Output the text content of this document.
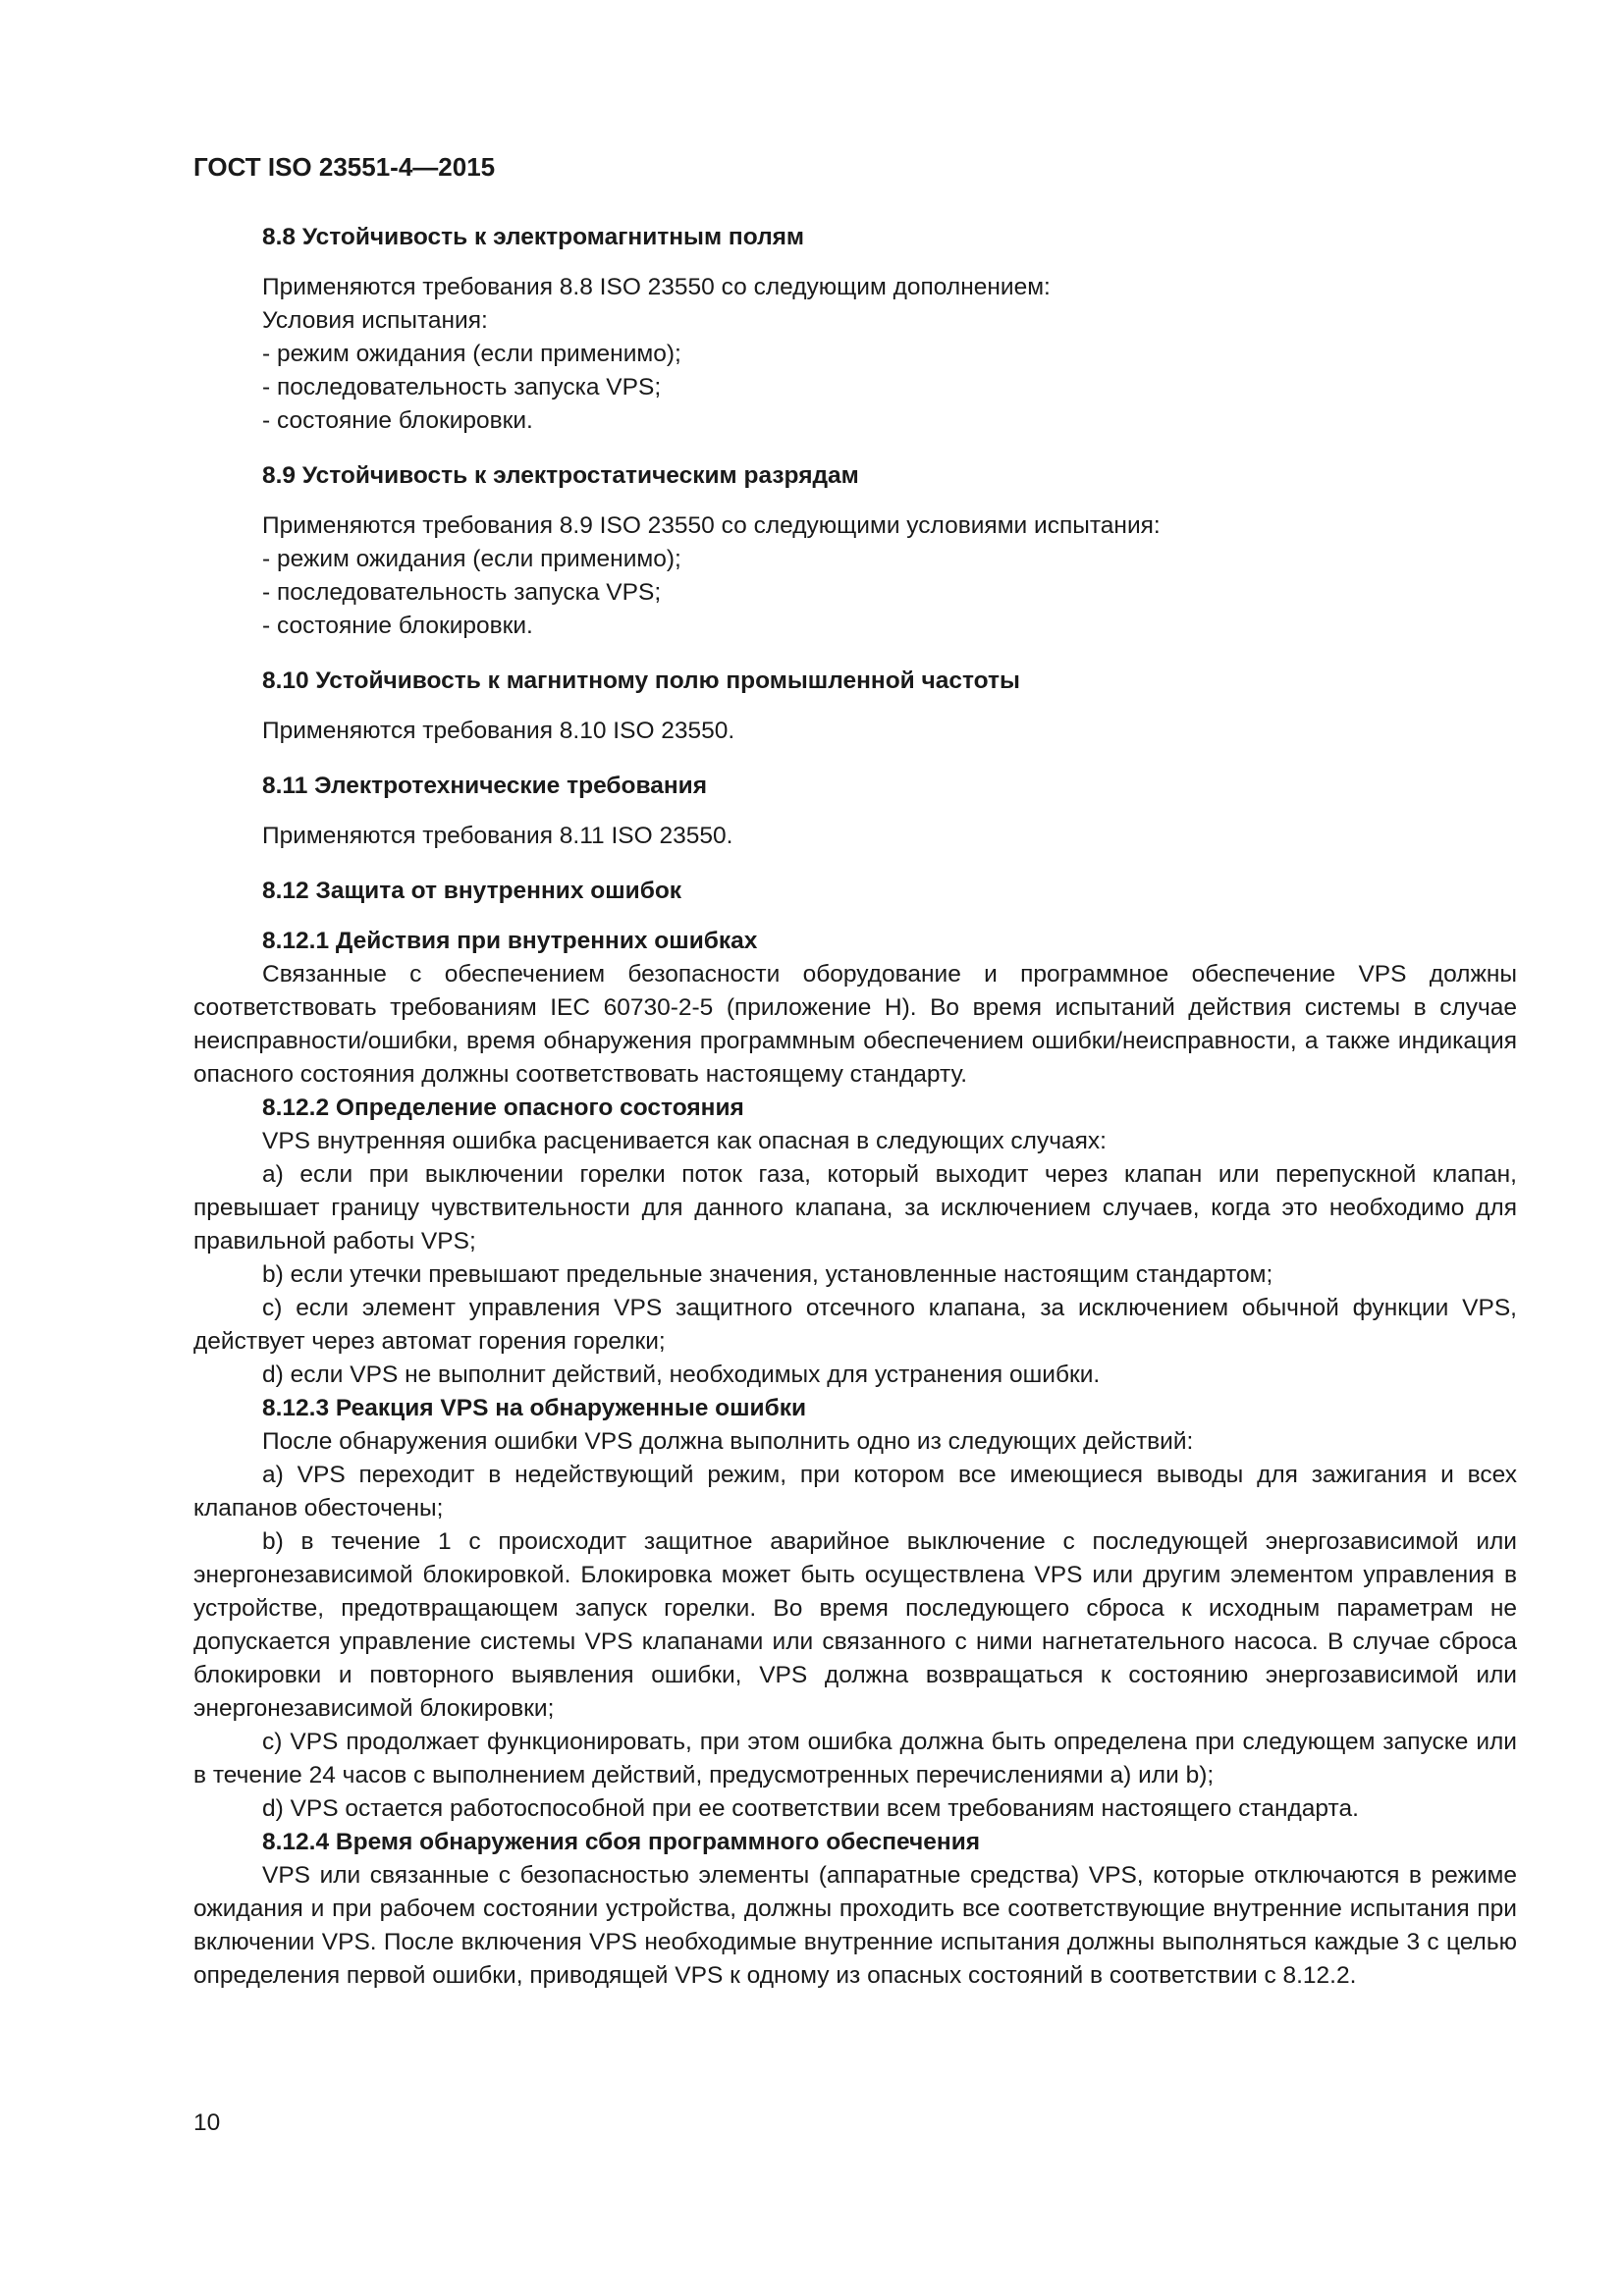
ГОСТ ISO 23551-4—2015
8.8 Устойчивость к электромагнитным полям
Применяются требования 8.8 ISO 23550 со следующим дополнением:
Условия испытания:
- режим ожидания (если применимо);
- последовательность запуска VPS;
- состояние блокировки.
8.9 Устойчивость к электростатическим разрядам
Применяются требования 8.9 ISO 23550 со следующими условиями испытания:
- режим ожидания (если применимо);
- последовательность запуска VPS;
- состояние блокировки.
8.10 Устойчивость к магнитному полю промышленной частоты
Применяются требования 8.10 ISO 23550.
8.11 Электротехнические требования
Применяются требования 8.11 ISO 23550.
8.12 Защита от внутренних ошибок
8.12.1 Действия при внутренних ошибках
Связанные с обеспечением безопасности оборудование и программное обеспечение VPS должны соответствовать требованиям IEC 60730-2-5 (приложение H). Во время испытаний действия системы в случае неисправности/ошибки, время обнаружения программным обеспечением ошибки/неисправности, а также индикация опасного состояния должны соответствовать настоящему стандарту.
8.12.2 Определение опасного состояния
VPS внутренняя ошибка расценивается как опасная в следующих случаях:
a) если при выключении горелки поток газа, который выходит через клапан или перепускной клапан, превышает границу чувствительности для данного клапана, за исключением случаев, когда это необходимо для правильной работы VPS;
b) если утечки превышают предельные значения, установленные настоящим стандартом;
c) если элемент управления VPS защитного отсечного клапана, за исключением обычной функции VPS, действует через автомат горения горелки;
d) если VPS не выполнит действий, необходимых для устранения ошибки.
8.12.3 Реакция VPS на обнаруженные ошибки
После обнаружения ошибки VPS должна выполнить одно из следующих действий:
a) VPS переходит в недействующий режим, при котором все имеющиеся выводы для зажигания и всех клапанов обесточены;
b) в течение 1 с происходит защитное аварийное выключение с последующей энергозависимой или энергонезависимой блокировкой. Блокировка может быть осуществлена VPS или другим элементом управления в устройстве, предотвращающем запуск горелки. Во время последующего сброса к исходным параметрам не допускается управление системы VPS клапанами или связанного с ними нагнетательного насоса. В случае сброса блокировки и повторного выявления ошибки, VPS должна возвращаться к состоянию энергозависимой или энергонезависимой блокировки;
c) VPS продолжает функционировать, при этом ошибка должна быть определена при следующем запуске или в течение 24 часов с выполнением действий, предусмотренных перечислениями a) или b);
d) VPS остается работоспособной при ее соответствии всем требованиям настоящего стандарта.
8.12.4 Время обнаружения сбоя программного обеспечения
VPS или связанные с безопасностью элементы (аппаратные средства) VPS, которые отключаются в режиме ожидания и при рабочем состоянии устройства, должны проходить все соответствующие внутренние испытания при включении VPS. После включения VPS необходимые внутренние испытания должны выполняться каждые 3 с целью определения первой ошибки, приводящей VPS к одному из опасных состояний в соответствии с 8.12.2.
10
